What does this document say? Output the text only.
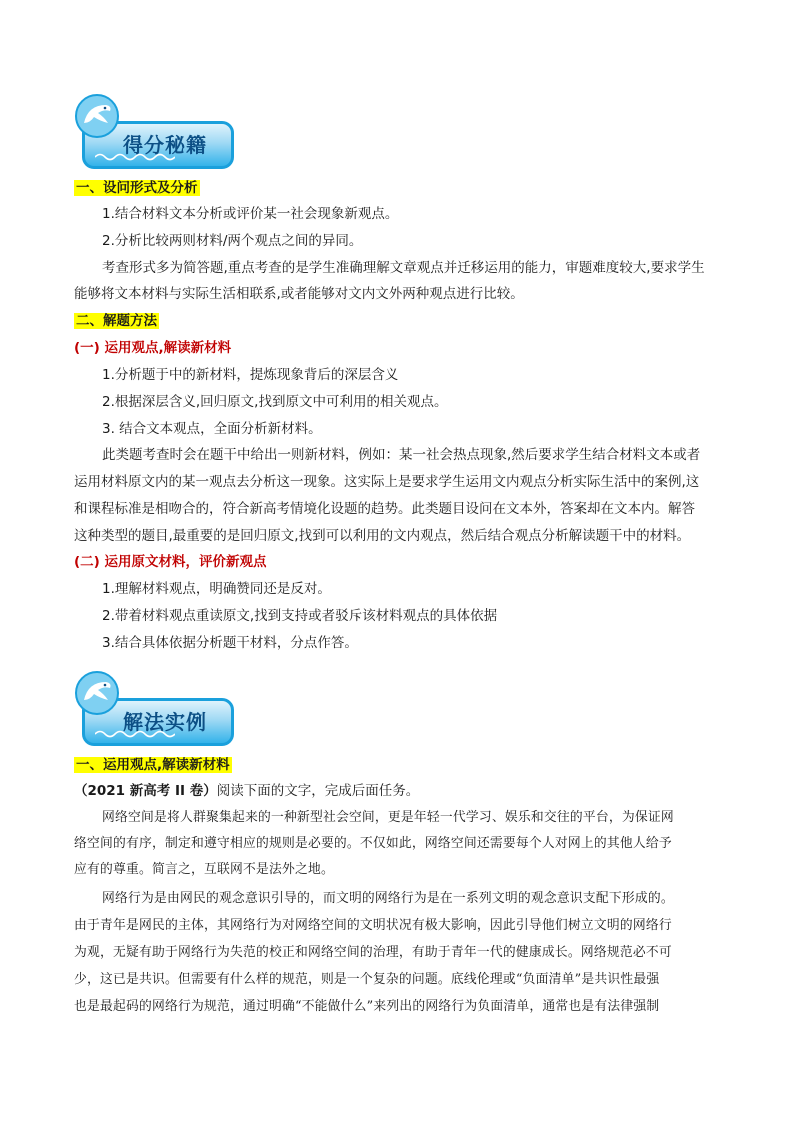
得分秘籍
一、设问形式及分析
1.结合材料文本分析或评价某一社会现象新观点。
2.分析比较两则材料/两个观点之间的异同。
考查形式多为简答题,重点考查的是学生准确理解文章观点并迁移运用的能力，审题难度较大,要求学生
能够将文本材料与实际生活相联系,或者能够对文内文外两种观点进行比较。
二、解题方法
(一) 运用观点,解读新材料
1.分析题于中的新材料，提炼现象背后的深层含义
2.根据深层含义,回归原文,找到原文中可利用的相关观点。
3. 结合文本观点，全面分析新材料。
此类题考查时会在题干中给出一则新材料，例如：某一社会热点现象,然后要求学生结合材料文本或者
运用材料原文内的某一观点去分析这一现象。这实际上是要求学生运用文内观点分析实际生活中的案例,这
和课程标准是相吻合的，符合新高考情境化设题的趋势。此类题目设问在文本外，答案却在文本内。解答
这种类型的题目,最重要的是回归原文,找到可以利用的文内观点，然后结合观点分析解读题干中的材料。
(二) 运用原文材料，评价新观点
1.理解材料观点，明确赞同还是反对。
2.带着材料观点重读原文,找到支持或者驳斥该材料观点的具体依据
3.结合具体依据分析题干材料，分点作答。
解法实例
一、运用观点,解读新材料
（2021 新高考 II 卷）阅读下面的文字，完成后面任务。
网络空间是将人群聚集起来的一种新型社会空间，更是年轻一代学习、娱乐和交往的平台，为保证网
络空间的有序，制定和遵守相应的规则是必要的。不仅如此，网络空间还需要每个人对网上的其他人给予
应有的尊重。简言之，互联网不是法外之地。
网络行为是由网民的观念意识引导的，而文明的网络行为是在一系列文明的观念意识支配下形成的。
由于青年是网民的主体，其网络行为对网络空间的文明状况有极大影响，因此引导他们树立文明的网络行
为观，无疑有助于网络行为失范的校正和网络空间的治理，有助于青年一代的健康成长。网络规范必不可
少，这已是共识。但需要有什么样的规范，则是一个复杂的问题。底线伦理或“负面清单”是共识性最强
也是最起码的网络行为规范，通过明确“不能做什么”来列出的网络行为负面清单，通常也是有法律强制
